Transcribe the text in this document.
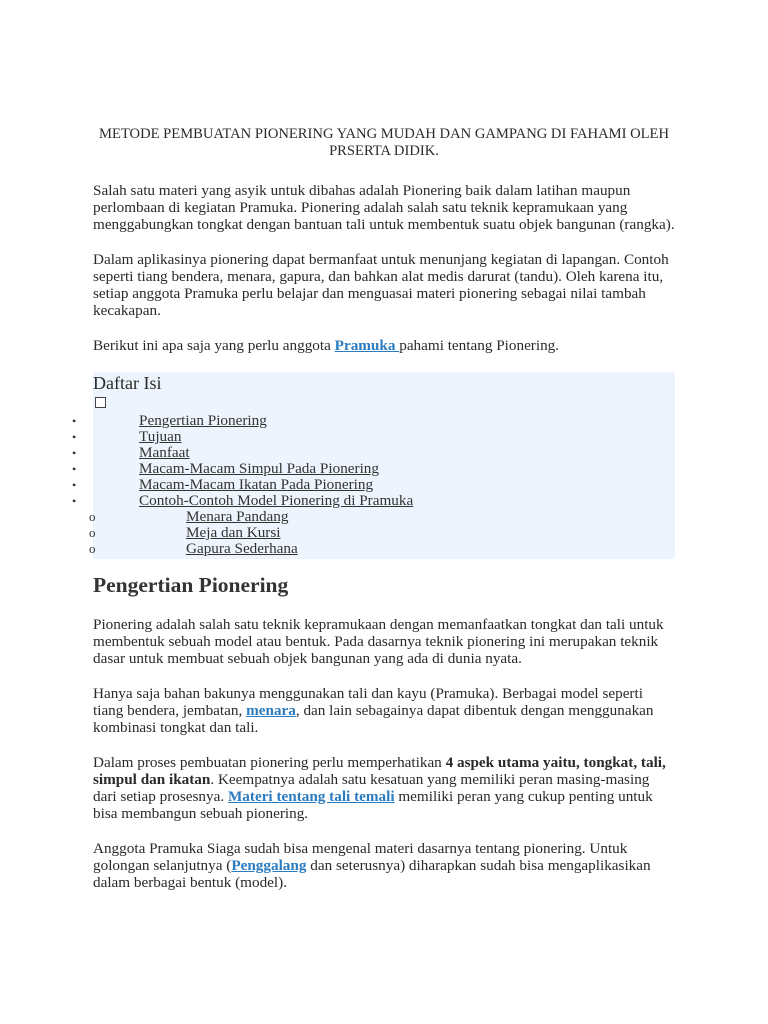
METODE PEMBUATAN PIONERING YANG MUDAH DAN GAMPANG DI FAHAMI OLEH PRSERTA DIDIK.

Salah satu materi yang asyik untuk dibahas adalah Pionering baik dalam latihan maupun perlombaan di kegiatan Pramuka. Pionering adalah salah satu teknik kepramukaan yang menggabungkan tongkat dengan bantuan tali untuk membentuk suatu objek bangunan (rangka).

Dalam aplikasinya pionering dapat bermanfaat untuk menunjang kegiatan di lapangan. Contoh seperti tiang bendera, menara, gapura, dan bahkan alat medis darurat (tandu). Oleh karena itu, setiap anggota Pramuka perlu belajar dan menguasai materi pionering sebagai nilai tambah kecakapan.

Berikut ini apa saja yang perlu anggota Pramuka pahami tentang Pionering.

Daftar Isi
•	Pengertian Pionering
•	Tujuan
•	Manfaat
•	Macam-Macam Simpul Pada Pionering
•	Macam-Macam Ikatan Pada Pionering
•	Contoh-Contoh Model Pionering di Pramuka
o	Menara Pandang
o	Meja dan Kursi
o	Gapura Sederhana
Pengertian Pionering

Pionering adalah salah satu teknik kepramukaan dengan memanfaatkan tongkat dan tali untuk membentuk sebuah model atau bentuk. Pada dasarnya teknik pionering ini merupakan teknik dasar untuk membuat sebuah objek bangunan yang ada di dunia nyata.

Hanya saja bahan bakunya menggunakan tali dan kayu (Pramuka). Berbagai model seperti tiang bendera, jembatan, menara, dan lain sebagainya dapat dibentuk dengan menggunakan kombinasi tongkat dan tali.

Dalam proses pembuatan pionering perlu memperhatikan 4 aspek utama yaitu, tongkat, tali, simpul dan ikatan. Keempatnya adalah satu kesatuan yang memiliki peran masing-masing dari setiap prosesnya. Materi tentang tali temali memiliki peran yang cukup penting untuk bisa membangun sebuah pionering.

Anggota Pramuka Siaga sudah bisa mengenal materi dasarnya tentang pionering. Untuk golongan selanjutnya (Penggalang dan seterusnya) diharapkan sudah bisa mengaplikasikan dalam berbagai bentuk (model).
